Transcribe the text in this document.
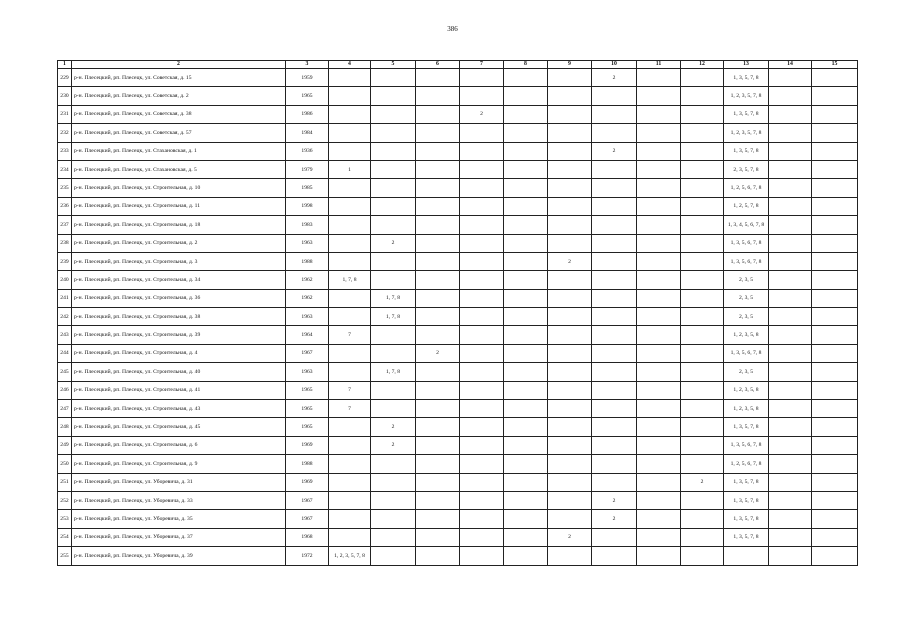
386
1	2	3	4	5	6	7	8	9	10	11	12	13	14	15
229	р-н. Плесецкий, рп. Плесецк, ул. Советская, д. 15	1959							2			1, 3, 5, 7, 8		
230	р-н. Плесецкий, рп. Плесецк, ул. Советская, д. 2	1965										1, 2, 3, 5, 7, 8		
231	р-н. Плесецкий, рп. Плесецк, ул. Советская, д. 38	1986				2						1, 3, 5, 7, 8		
232	р-н. Плесецкий, рп. Плесецк, ул. Советская, д. 57	1984										1, 2, 3, 5, 7, 8		
233	р-н. Плесецкий, рп. Плесецк, ул. Стахановская, д. 1	1936							2			1, 3, 5, 7, 8		
234	р-н. Плесецкий, рп. Плесецк, ул. Стахановская, д. 5	1979	1									2, 3, 5, 7, 8		
235	р-н. Плесецкий, рп. Плесецк, ул. Строительная, д. 10	1985										1, 2, 5, 6, 7, 8		
236	р-н. Плесецкий, рп. Плесецк, ул. Строительная, д. 11	1998										1, 2, 5, 7, 8		
237	р-н. Плесецкий, рп. Плесецк, ул. Строительная, д. 18	1983										1, 3, 4, 5, 6, 7, 8		
238	р-н. Плесецкий, рп. Плесецк, ул. Строительная, д. 2	1963		2								1, 3, 5, 6, 7, 8		
239	р-н. Плесецкий, рп. Плесецк, ул. Строительная, д. 3	1988						2				1, 3, 5, 6, 7, 8		
240	р-н. Плесецкий, рп. Плесецк, ул. Строительная, д. 34	1962	1, 7, 8									2, 3, 5		
241	р-н. Плесецкий, рп. Плесецк, ул. Строительная, д. 36	1962		1, 7, 8								2, 3, 5		
242	р-н. Плесецкий, рп. Плесецк, ул. Строительная, д. 38	1963		1, 7, 8								2, 3, 5		
243	р-н. Плесецкий, рп. Плесецк, ул. Строительная, д. 39	1964	7									1, 2, 3, 5, 8		
244	р-н. Плесецкий, рп. Плесецк, ул. Строительная, д. 4	1967			2							1, 3, 5, 6, 7, 8		
245	р-н. Плесецкий, рп. Плесецк, ул. Строительная, д. 40	1963		1, 7, 8								2, 3, 5		
246	р-н. Плесецкий, рп. Плесецк, ул. Строительная, д. 41	1965	7									1, 2, 3, 5, 8		
247	р-н. Плесецкий, рп. Плесецк, ул. Строительная, д. 43	1965	7									1, 2, 3, 5, 8		
248	р-н. Плесецкий, рп. Плесецк, ул. Строительная, д. 45	1965		2								1, 3, 5, 7, 8		
249	р-н. Плесецкий, рп. Плесецк, ул. Строительная, д. 6	1969		2								1, 3, 5, 6, 7, 8		
250	р-н. Плесецкий, рп. Плесецк, ул. Строительная, д. 9	1988										1, 2, 5, 6, 7, 8		
251	р-н. Плесецкий, рп. Плесецк, ул. Уборевича, д. 31	1969									2	1, 3, 5, 7, 8		
252	р-н. Плесецкий, рп. Плесецк, ул. Уборевича, д. 33	1967							2			1, 3, 5, 7, 8		
253	р-н. Плесецкий, рп. Плесецк, ул. Уборевича, д. 35	1967							2			1, 3, 5, 7, 8		
254	р-н. Плесецкий, рп. Плесецк, ул. Уборевича, д. 37	1968						2				1, 3, 5, 7, 8		
255	р-н. Плесецкий, рп. Плесецк, ул. Уборевича, д. 39	1972	1, 2, 3, 5, 7, 8											
